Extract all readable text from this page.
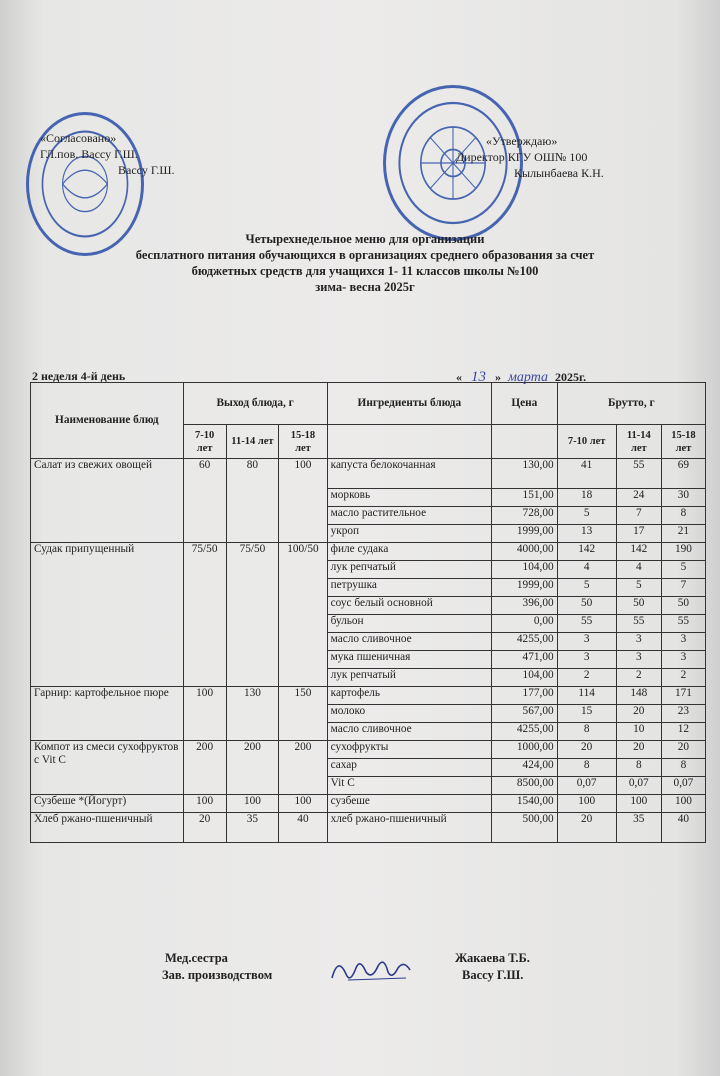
«Согласовано»
ГЛ.пов. Вассу Г.Ш.
Вассу Г.Ш.
«Утверждаю»
Директор КГУ ОШ№ 100
Кылынбаева К.Н.
Четырехнедельное меню для организации
бесплатного питания обучающихся в организациях среднего образования за счет
бюджетных средств для учащихся 1- 11 классов школы №100
зима- весна 2025г
2 неделя 4-й день	« 13 » марта 2025г.
Наименование блюд	Выход блюда, г			Ингредиенты блюда	Цена	Брутто, г		
	7-10 лет	11-14 лет	15-18 лет			7-10 лет	11-14 лет	15-18 лет
Салат из свежих овощей	60	80	100	капуста белокочанная	130,00	41	55	69
				морковь	151,00	18	24	30
				масло растительное	728,00	5	7	8
				укроп	1999,00	13	17	21
Судак припущенный	75/50	75/50	100/50	филе судака	4000,00	142	142	190
				лук репчатый	104,00	4	4	5
				петрушка	1999,00	5	5	7
				соус белый основной	396,00	50	50	50
				бульон	0,00	55	55	55
				масло сливочное	4255,00	3	3	3
				мука пшеничная	471,00	3	3	3
				лук репчатый	104,00	2	2	2
Гарнир: картофельное пюре	100	130	150	картофель	177,00	114	148	171
				молоко	567,00	15	20	23
				масло сливочное	4255,00	8	10	12
Компот из смеси сухофруктов с Vit C	200	200	200	сухофрукты	1000,00	20	20	20
				сахар	424,00	8	8	8
				Vit C	8500,00	0,07	0,07	0,07
Сузбеше *(Йогурт)	100	100	100	сузбеше	1540,00	100	100	100
Хлеб ржано-пшеничный	20	35	40	хлеб ржано-пшеничный	500,00	20	35	40
Мед.сестра	Жакаева Т.Б.
Зав. производством	Вассу Г.Ш.
